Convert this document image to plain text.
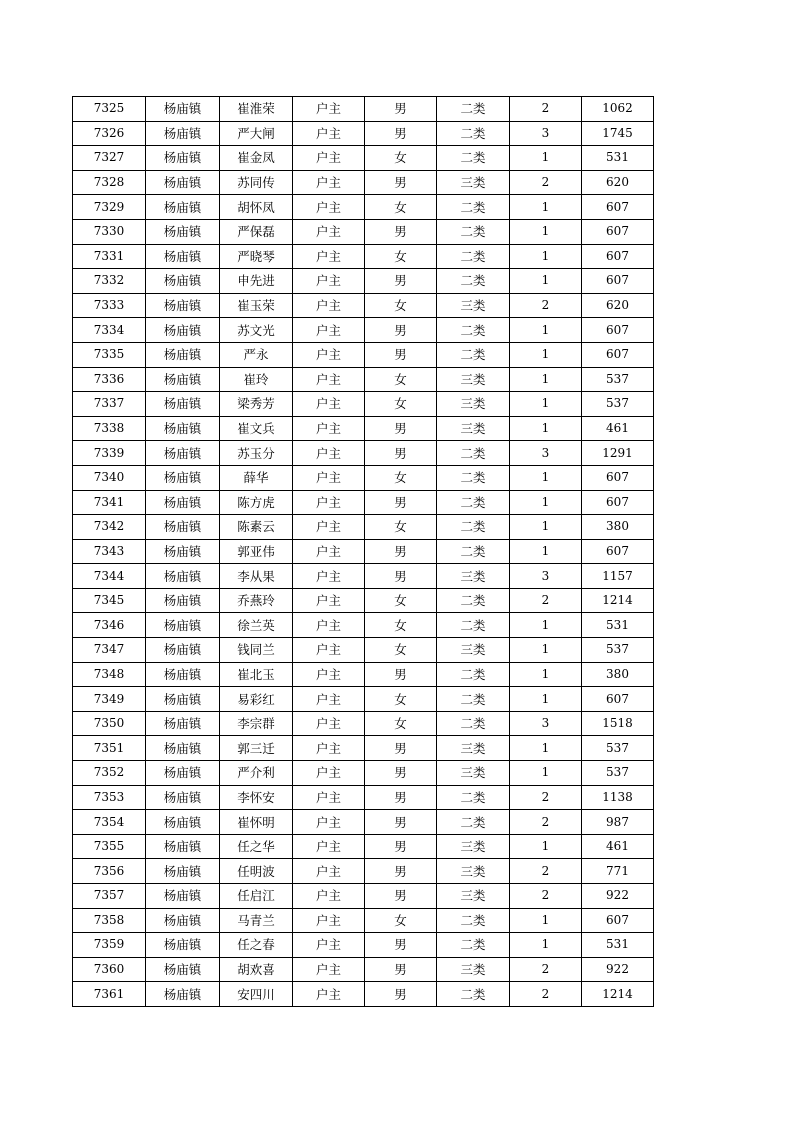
7325	杨庙镇	崔淮荣	户主	男	二类	2	1062
7326	杨庙镇	严大闸	户主	男	二类	3	1745
7327	杨庙镇	崔金凤	户主	女	二类	1	531
7328	杨庙镇	苏同传	户主	男	三类	2	620
7329	杨庙镇	胡怀凤	户主	女	二类	1	607
7330	杨庙镇	严保磊	户主	男	二类	1	607
7331	杨庙镇	严晓琴	户主	女	二类	1	607
7332	杨庙镇	申先进	户主	男	二类	1	607
7333	杨庙镇	崔玉荣	户主	女	三类	2	620
7334	杨庙镇	苏文光	户主	男	二类	1	607
7335	杨庙镇	严永	户主	男	二类	1	607
7336	杨庙镇	崔玲	户主	女	三类	1	537
7337	杨庙镇	梁秀芳	户主	女	三类	1	537
7338	杨庙镇	崔文兵	户主	男	三类	1	461
7339	杨庙镇	苏玉分	户主	男	二类	3	1291
7340	杨庙镇	薛华	户主	女	二类	1	607
7341	杨庙镇	陈方虎	户主	男	二类	1	607
7342	杨庙镇	陈素云	户主	女	二类	1	380
7343	杨庙镇	郭亚伟	户主	男	二类	1	607
7344	杨庙镇	李从果	户主	男	三类	3	1157
7345	杨庙镇	乔燕玲	户主	女	二类	2	1214
7346	杨庙镇	徐兰英	户主	女	二类	1	531
7347	杨庙镇	钱同兰	户主	女	三类	1	537
7348	杨庙镇	崔北玉	户主	男	二类	1	380
7349	杨庙镇	易彩红	户主	女	二类	1	607
7350	杨庙镇	李宗群	户主	女	二类	3	1518
7351	杨庙镇	郭三迁	户主	男	三类	1	537
7352	杨庙镇	严介利	户主	男	三类	1	537
7353	杨庙镇	李怀安	户主	男	二类	2	1138
7354	杨庙镇	崔怀明	户主	男	二类	2	987
7355	杨庙镇	任之华	户主	男	三类	1	461
7356	杨庙镇	任明波	户主	男	三类	2	771
7357	杨庙镇	任启江	户主	男	三类	2	922
7358	杨庙镇	马青兰	户主	女	二类	1	607
7359	杨庙镇	任之春	户主	男	二类	1	531
7360	杨庙镇	胡欢喜	户主	男	三类	2	922
7361	杨庙镇	安四川	户主	男	二类	2	1214
